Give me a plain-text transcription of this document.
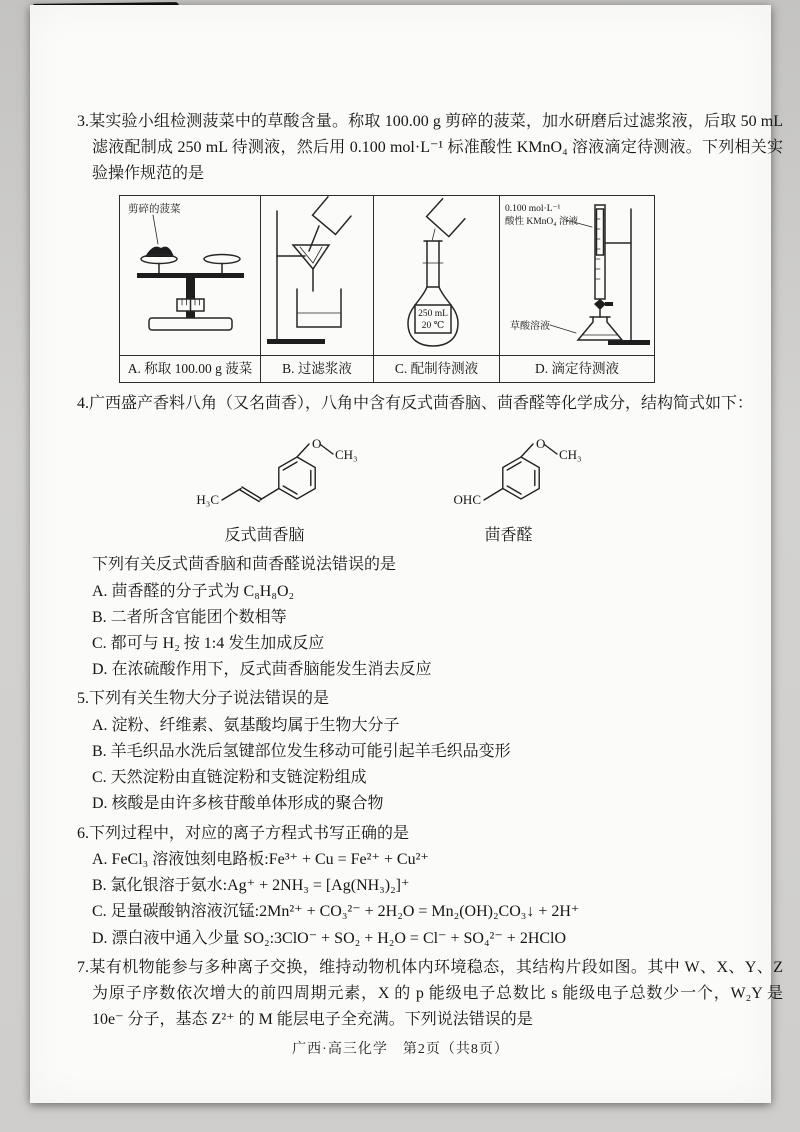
3.某实验小组检测菠菜中的草酸含量。称取 100.00 g 剪碎的菠菜，加水研磨后过滤浆液，后取 50 mL 滤液配制成 250 mL 待测液，然后用 0.100 mol·L⁻¹ 标准酸性 KMnO₄ 溶液滴定待测液。下列相关实验操作规范的是

剪碎的菠菜		250 mL
20 ℃	0.100 mol·L⁻¹
酸性 KMnO₄ 溶液
草酸溶液

A. 称取 100.00 g 菠菜	B. 过滤浆液	C. 配制待测液	D. 滴定待测液

4.广西盛产香料八角（又名茴香），八角中含有反式茴香脑、茴香醛等化学成分，结构简式如下：

O
CH₃
H₃C
反式茴香脑
O
CH₃
OHC
茴香醛

下列有关反式茴香脑和茴香醛说法错误的是

A. 茴香醛的分子式为 C₈H₈O₂

B. 二者所含官能团个数相等

C. 都可与 H₂ 按 1:4 发生加成反应

D. 在浓硫酸作用下，反式茴香脑能发生消去反应

5.下列有关生物大分子说法错误的是

A. 淀粉、纤维素、氨基酸均属于生物大分子

B. 羊毛织品水洗后氢键部位发生移动可能引起羊毛织品变形

C. 天然淀粉由直链淀粉和支链淀粉组成

D. 核酸是由许多核苷酸单体形成的聚合物

6.下列过程中，对应的离子方程式书写正确的是

A. FeCl₃ 溶液蚀刻电路板:Fe³⁺ + Cu = Fe²⁺ + Cu²⁺

B. 氯化银溶于氨水:Ag⁺ + 2NH₃ = [Ag(NH₃)₂]⁺

C. 足量碳酸钠溶液沉锰:2Mn²⁺ + CO₃²⁻ + 2H₂O = Mn₂(OH)₂CO₃↓ + 2H⁺

D. 漂白液中通入少量 SO₂:3ClO⁻ + SO₂ + H₂O = Cl⁻ + SO₄²⁻ + 2HClO

7.某有机物能参与多种离子交换，维持动物机体内环境稳态，其结构片段如图。其中 W、X、Y、Z 为原子序数依次增大的前四周期元素，X 的 p 能级电子总数比 s 能级电子总数少一个，W₂Y 是 10e⁻ 分子，基态 Z²⁺ 的 M 能层电子全充满。下列说法错误的是

广西·高三化学　第2页（共8页）
